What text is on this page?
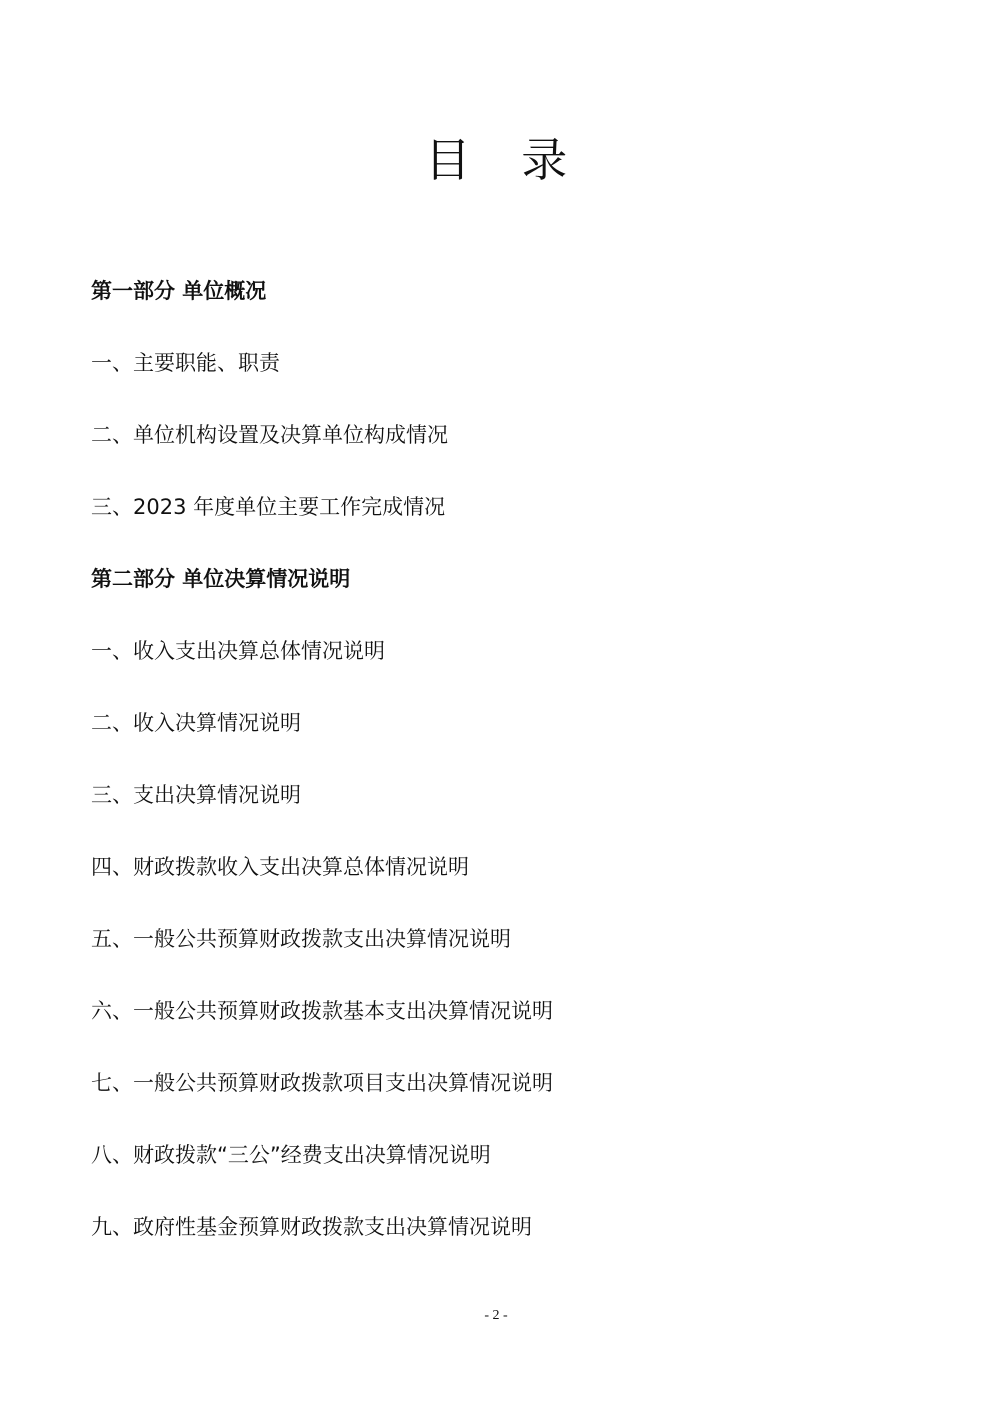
目 录
第一部分 单位概况
一、主要职能、职责
二、单位机构设置及决算单位构成情况
三、2023 年度单位主要工作完成情况
第二部分 单位决算情况说明
一、收入支出决算总体情况说明
二、收入决算情况说明
三、支出决算情况说明
四、财政拨款收入支出决算总体情况说明
五、一般公共预算财政拨款支出决算情况说明
六、一般公共预算财政拨款基本支出决算情况说明
七、一般公共预算财政拨款项目支出决算情况说明
八、财政拨款“三公”经费支出决算情况说明
九、政府性基金预算财政拨款支出决算情况说明
- 2 -
